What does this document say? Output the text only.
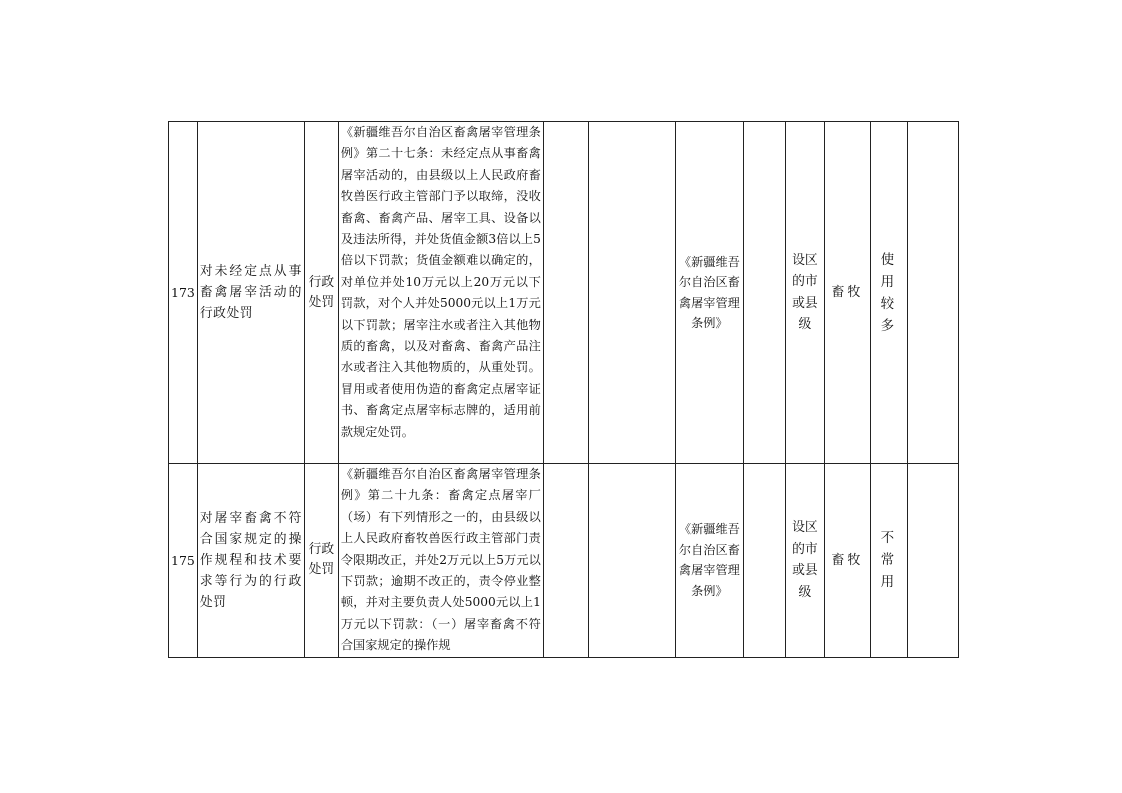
173	对未经定点从事畜禽屠宰活动的行政处罚	行政处罚	《新疆维吾尔自治区畜禽屠宰管理条例》第二十七条：未经定点从事畜禽屠宰活动的，由县级以上人民政府畜牧兽医行政主管部门予以取缔，没收畜禽、畜禽产品、屠宰工具、设备以及违法所得，并处货值金额3倍以上5倍以下罚款；货值金额难以确定的，对单位并处10万元以上20万元以下罚款，对个人并处5000元以上1万元以下罚款；屠宰注水或者注入其他物质的畜禽，以及对畜禽、畜禽产品注水或者注入其他物质的，从重处罚。冒用或者使用伪造的畜禽定点屠宰证书、畜禽定点屠宰标志牌的，适用前款规定处罚。			《新疆维吾尔自治区畜禽屠宰管理条例》		设区的市或县级	畜牧	使用较多	
175	对屠宰畜禽不符合国家规定的操作规程和技术要求等行为的行政处罚	行政处罚	《新疆维吾尔自治区畜禽屠宰管理条例》第二十九条：畜禽定点屠宰厂（场）有下列情形之一的，由县级以上人民政府畜牧兽医行政主管部门责令限期改正，并处2万元以上5万元以下罚款；逾期不改正的，责令停业整顿，并对主要负责人处5000元以上1万元以下罚款：（一）屠宰畜禽不符合国家规定的操作规			《新疆维吾尔自治区畜禽屠宰管理条例》		设区的市或县级	畜牧	不常用	
